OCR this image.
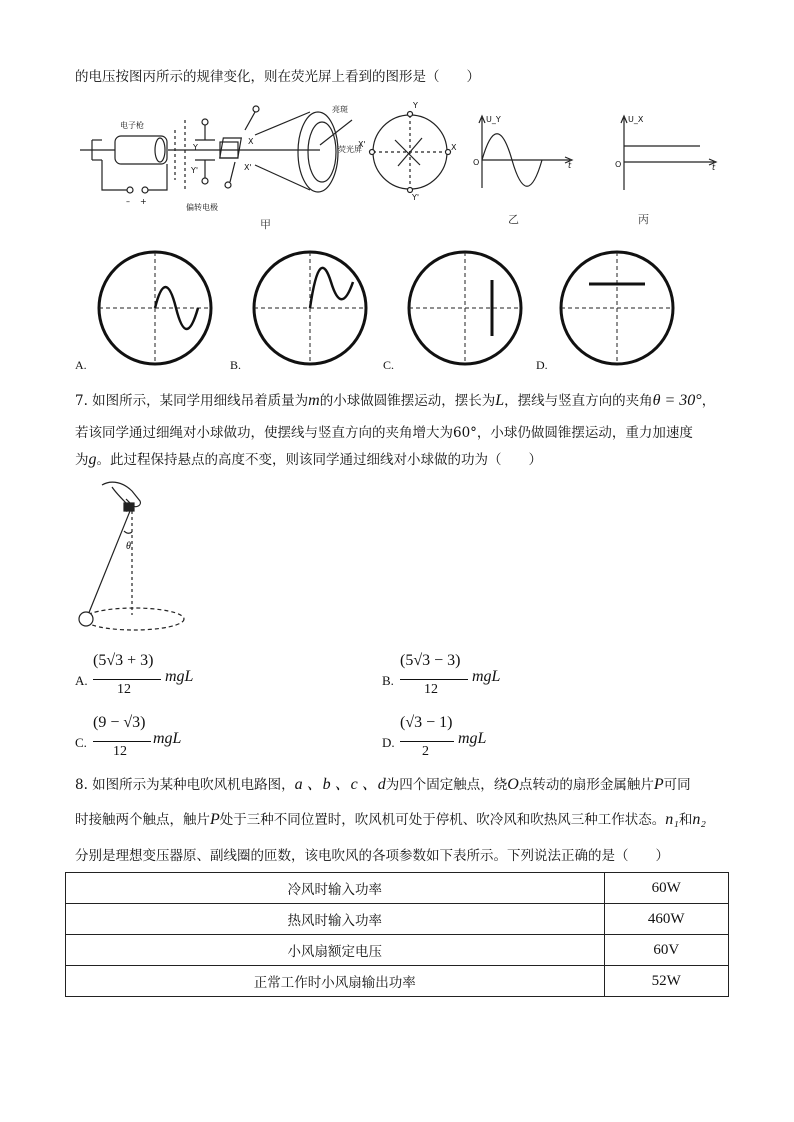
的电压按图丙所示的规律变化，则在荧光屏上看到的图形是（　　）
电子枪
偏转电极
亮斑
荧光屏
– +
Y
Y'
X
X'
Y
Y'
X
X'
甲
U_Y
O	t
乙
U_X
O	t
丙
A.	B.	C.	D.
7. 如图所示，某同学用细线吊着质量为m的小球做圆锥摆运动，摆长为L，摆线与竖直方向的夹角θ = 30°，
若该同学通过细绳对小球做功，使摆线与竖直方向的夹角增大为60°，小球仍做圆锥摆运动，重力加速度
为g。此过程保持悬点的高度不变，则该同学通过细线对小球做的功为（　　）
θ
A.
(5√3 + 3)
12
mgL	B.
(5√3 − 3)
12
mgL
C.
(9 − √3)
12
mgL	D.
(√3 − 1)
2
mgL
8. 如图所示为某种电吹风机电路图，a 、b 、c 、d为四个固定触点，绕O点转动的扇形金属触片P可同
时接触两个触点，触片P处于三种不同位置时，吹风机可处于停机、吹冷风和吹热风三种工作状态。n₁和n₂
分别是理想变压器原、副线圈的匝数，该电吹风的各项参数如下表所示。下列说法正确的是（　　）
冷风时输入功率	60W
热风时输入功率	460W
小风扇额定电压	60V
正常工作时小风扇输出功率	52W
